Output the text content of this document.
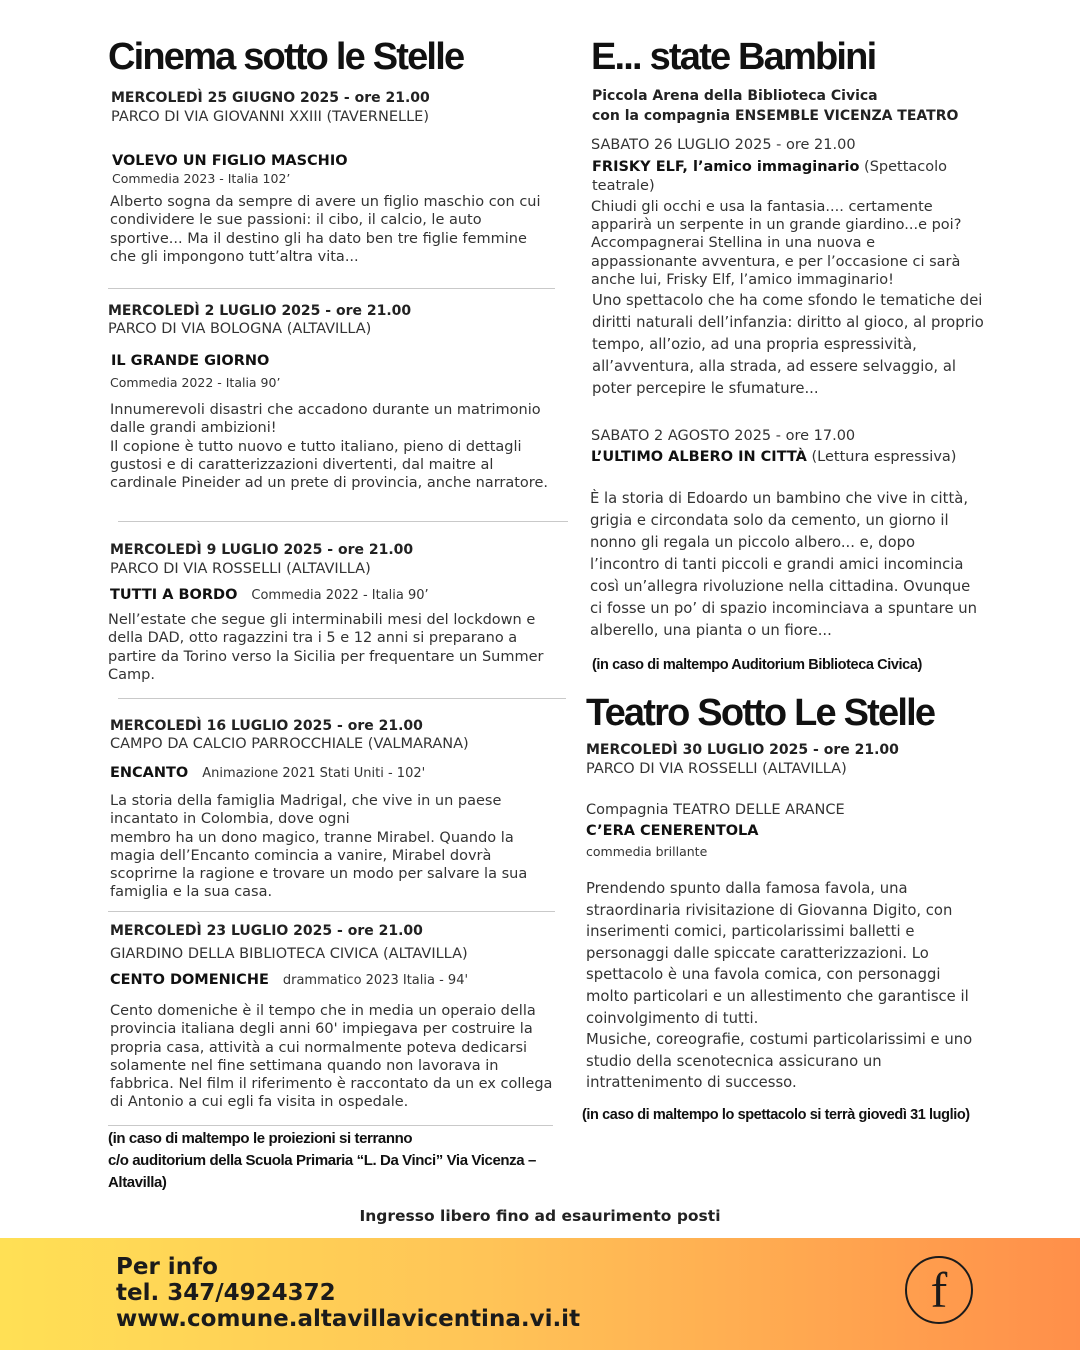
Cinema sotto le Stelle
MERCOLEDÌ 25 GIUGNO 2025 - ore 21.00
PARCO DI VIA GIOVANNI XXIII (TAVERNELLE)
VOLEVO UN FIGLIO MASCHIO
Commedia 2023 - Italia 102’
Alberto sogna da sempre di avere un figlio maschio con cui condividere le sue passioni: il cibo, il calcio, le auto sportive... Ma il destino gli ha dato ben tre figlie femmine che gli impongono tutt’altra vita...
MERCOLEDÌ 2 LUGLIO 2025 - ore 21.00
PARCO DI VIA BOLOGNA (ALTAVILLA)
IL GRANDE GIORNO
Commedia 2022 - Italia 90’
Innumerevoli disastri che accadono durante un matrimonio dalle grandi ambizioni!
Il copione è tutto nuovo e tutto italiano, pieno di dettagli gustosi e di caratterizzazioni divertenti, dal maitre al cardinale Pineider ad un prete di provincia, anche narratore.
MERCOLEDÌ 9 LUGLIO 2025 - ore 21.00
PARCO DI VIA ROSSELLI (ALTAVILLA)
TUTTI A BORDO Commedia 2022 - Italia 90’
Nell’estate che segue gli interminabili mesi del lockdown e della DAD, otto ragazzini tra i 5 e 12 anni si preparano a partire da Torino verso la Sicilia per frequentare un Summer Camp.
MERCOLEDÌ 16 LUGLIO 2025 - ore 21.00
CAMPO DA CALCIO PARROCCHIALE (VALMARANA)
ENCANTO Animazione 2021 Stati Uniti - 102'
La storia della famiglia Madrigal, che vive in un paese incantato in Colombia, dove ogni
membro ha un dono magico, tranne Mirabel. Quando la magia dell’Encanto comincia a vanire, Mirabel dovrà scoprirne la ragione e trovare un modo per salvare la sua famiglia e la sua casa.
MERCOLEDÌ 23 LUGLIO 2025 - ore 21.00
GIARDINO DELLA BIBLIOTECA CIVICA (ALTAVILLA)
CENTO DOMENICHE drammatico 2023 Italia - 94'
Cento domeniche è il tempo che in media un operaio della provincia italiana degli anni 60' impiegava per costruire la propria casa, attività a cui normalmente poteva dedicarsi solamente nel fine settimana quando non lavorava in fabbrica. Nel film il riferimento è raccontato da un ex collega di Antonio a cui egli fa visita in ospedale.
(in caso di maltempo le proiezioni si terranno
c/o auditorium della Scuola Primaria “L. Da Vinci” Via Vicenza – Altavilla)
E... state Bambini
Piccola Arena della Biblioteca Civica
con la compagnia ENSEMBLE VICENZA TEATRO
SABATO 26 LUGLIO 2025 - ore 21.00
FRISKY ELF, l’amico immaginario (Spettacolo teatrale)
Chiudi gli occhi e usa la fantasia.... certamente apparirà un serpente in un grande giardino...e poi? Accompagnerai Stellina in una nuova e appassionante avventura, e per l’occasione ci sarà anche lui, Frisky Elf, l’amico immaginario!
Uno spettacolo che ha come sfondo le tematiche dei diritti naturali dell’infanzia: diritto al gioco, al proprio tempo, all’ozio, ad una propria espressività, all’avventura, alla strada, ad essere selvaggio, al poter percepire le sfumature...
SABATO 2 AGOSTO 2025 - ore 17.00
L’ULTIMO ALBERO IN CITTÀ (Lettura espressiva)
È la storia di Edoardo un bambino che vive in città, grigia e circondata solo da cemento, un giorno il nonno gli regala un piccolo albero... e, dopo l’incontro di tanti piccoli e grandi amici incomincia così un’allegra rivoluzione nella cittadina. Ovunque ci fosse un po’ di spazio incominciava a spuntare un alberello, una pianta o un fiore...
(in caso di maltempo Auditorium Biblioteca Civica)
Teatro Sotto Le Stelle
MERCOLEDÌ 30 LUGLIO 2025 - ore 21.00
PARCO DI VIA ROSSELLI (ALTAVILLA)
Compagnia TEATRO DELLE ARANCE
C’ERA CENERENTOLA
commedia brillante
Prendendo spunto dalla famosa favola, una straordinaria rivisitazione di Giovanna Digito, con inserimenti comici, particolarissimi balletti e personaggi dalle spiccate caratterizzazioni. Lo spettacolo è una favola comica, con personaggi molto particolari e un allestimento che garantisce il coinvolgimento di tutti.
Musiche, coreografie, costumi particolarissimi e uno studio della scenotecnica assicurano un intrattenimento di successo.
(in caso di maltempo lo spettacolo si terrà giovedì 31 luglio)
Ingresso libero fino ad esaurimento posti
Per info
tel. 347/4924372
www.comune.altavillavicentina.vi.it
f
